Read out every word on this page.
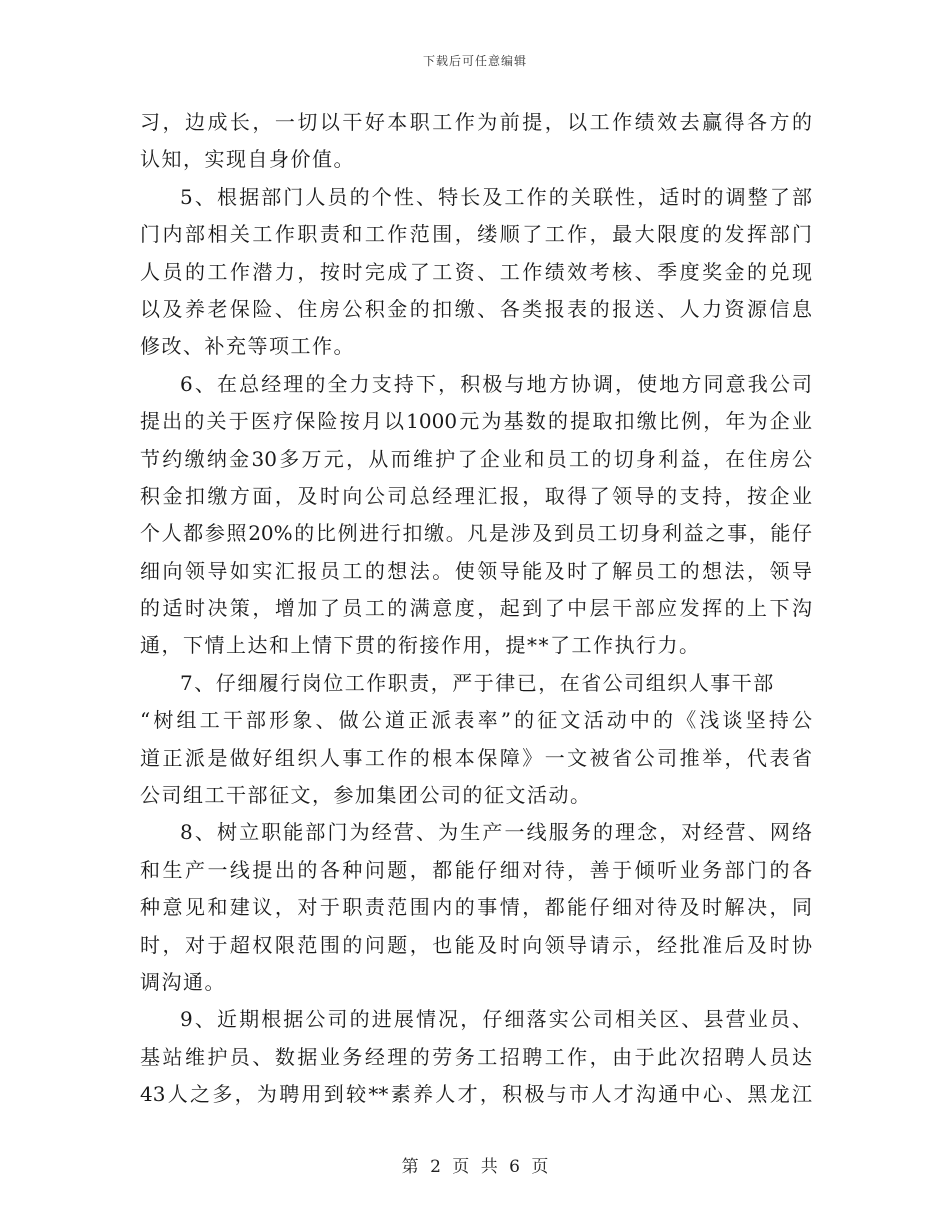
下载后可任意编辑
习，边成长，一切以干好本职工作为前提，以工作绩效去赢得各方的
认知，实现自身价值。
5、根据部门人员的个性、特长及工作的关联性，适时的调整了部
门内部相关工作职责和工作范围，缕顺了工作，最大限度的发挥部门
人员的工作潜力，按时完成了工资、工作绩效考核、季度奖金的兑现
以及养老保险、住房公积金的扣缴、各类报表的报送、人力资源信息
修改、补充等项工作。
6、在总经理的全力支持下，积极与地方协调，使地方同意我公司
提出的关于医疗保险按月以1000元为基数的提取扣缴比例，年为企业
节约缴纳金30多万元，从而维护了企业和员工的切身利益，在住房公
积金扣缴方面，及时向公司总经理汇报，取得了领导的支持，按企业
个人都参照20%的比例进行扣缴。凡是涉及到员工切身利益之事，能仔
细向领导如实汇报员工的想法。使领导能及时了解员工的想法，领导
的适时决策，增加了员工的满意度，起到了中层干部应发挥的上下沟
通，下情上达和上情下贯的衔接作用，提**了工作执行力。
7、仔细履行岗位工作职责，严于律已，在省公司组织人事干部
“树组工干部形象、做公道正派表率”的征文活动中的《浅谈坚持公
道正派是做好组织人事工作的根本保障》一文被省公司推举，代表省
公司组工干部征文，参加集团公司的征文活动。
8、树立职能部门为经营、为生产一线服务的理念，对经营、网络
和生产一线提出的各种问题，都能仔细对待，善于倾听业务部门的各
种意见和建议，对于职责范围内的事情，都能仔细对待及时解决，同
时，对于超权限范围的问题，也能及时向领导请示，经批准后及时协
调沟通。
9、近期根据公司的进展情况，仔细落实公司相关区、县营业员、
基站维护员、数据业务经理的劳务工招聘工作，由于此次招聘人员达
43人之多，为聘用到较**素养人才，积极与市人才沟通中心、黑龙江
第 2 页 共 6 页
